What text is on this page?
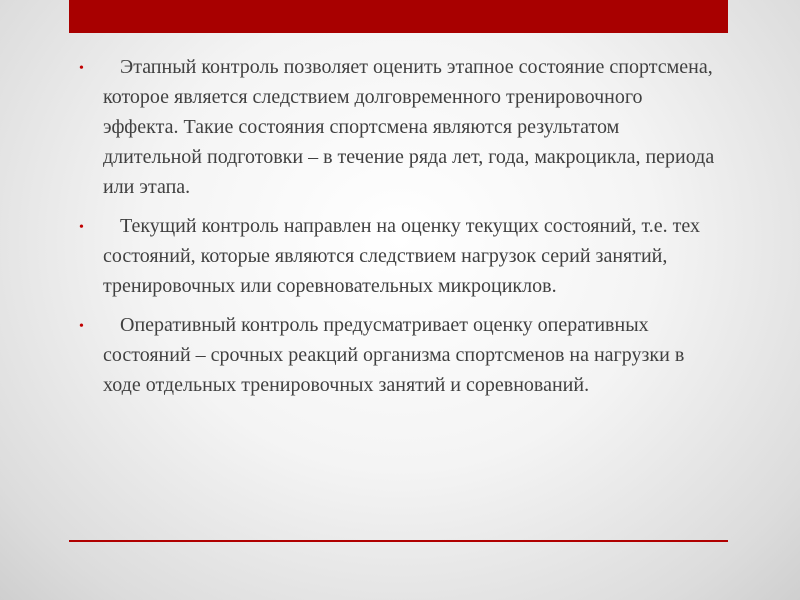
•	Этапный контроль позволяет оценить этапное состояние спортсмена, которое является следствием долговременного тренировочного эффекта. Такие состояния спортсмена являются результатом длительной подготовки – в течение ряда лет, года, макроцикла, периода или этапа.
•	Текущий контроль направлен на оценку текущих состояний, т.е. тех состояний, которые являются следствием нагрузок серий занятий, тренировочных или соревновательных микроциклов.
•	Оперативный контроль предусматривает оценку оперативных состояний – срочных реакций организма спортсменов на нагрузки в ходе отдельных тренировочных занятий и соревнований.
